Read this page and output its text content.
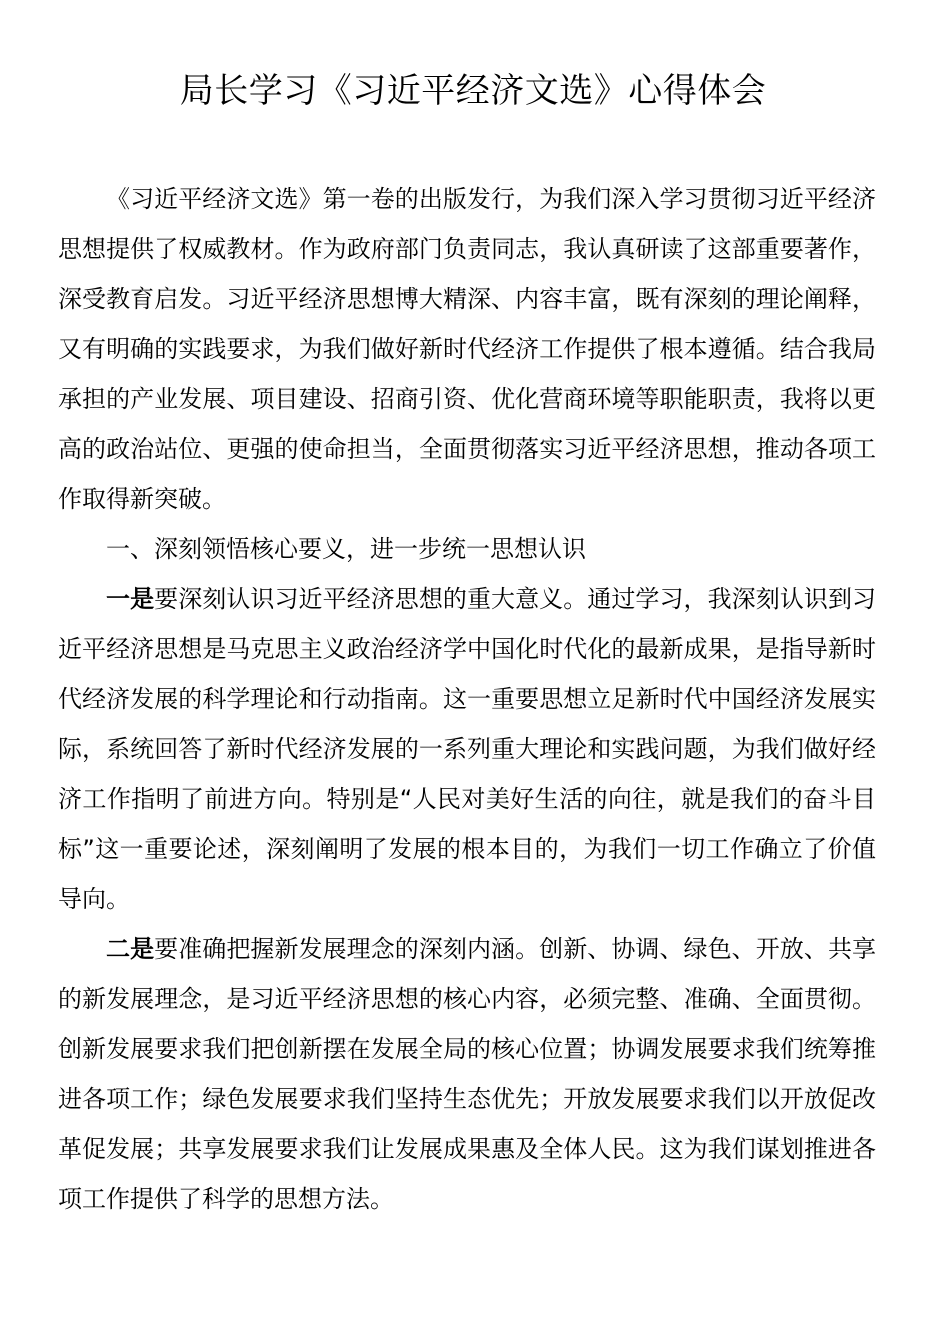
局长学习《习近平经济文选》心得体会

《习近平经济文选》第一卷的出版发行，为我们深入学习贯彻习近平经济思想提供了权威教材。作为政府部门负责同志，我认真研读了这部重要著作，深受教育启发。习近平经济思想博大精深、内容丰富，既有深刻的理论阐释，又有明确的实践要求，为我们做好新时代经济工作提供了根本遵循。结合我局承担的产业发展、项目建设、招商引资、优化营商环境等职能职责，我将以更高的政治站位、更强的使命担当，全面贯彻落实习近平经济思想，推动各项工作取得新突破。

一、深刻领悟核心要义，进一步统一思想认识

一是要深刻认识习近平经济思想的重大意义。通过学习，我深刻认识到习近平经济思想是马克思主义政治经济学中国化时代化的最新成果，是指导新时代经济发展的科学理论和行动指南。这一重要思想立足新时代中国经济发展实际，系统回答了新时代经济发展的一系列重大理论和实践问题，为我们做好经济工作指明了前进方向。特别是“人民对美好生活的向往，就是我们的奋斗目标”这一重要论述，深刻阐明了发展的根本目的，为我们一切工作确立了价值导向。

二是要准确把握新发展理念的深刻内涵。创新、协调、绿色、开放、共享的新发展理念，是习近平经济思想的核心内容，必须完整、准确、全面贯彻。创新发展要求我们把创新摆在发展全局的核心位置；协调发展要求我们统筹推进各项工作；绿色发展要求我们坚持生态优先；开放发展要求我们以开放促改革促发展；共享发展要求我们让发展成果惠及全体人民。这为我们谋划推进各项工作提供了科学的思想方法。
